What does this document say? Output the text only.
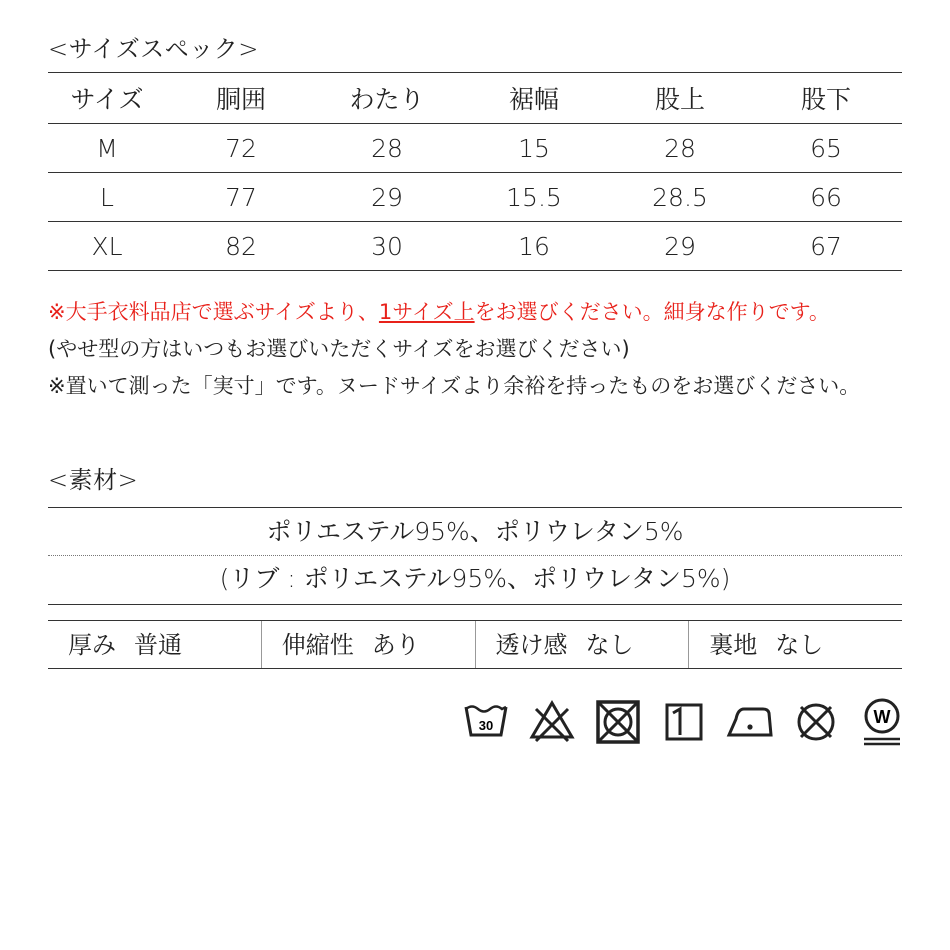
<サイズスペック>
サイズ	胴囲	わたり	裾幅	股上	股下
M	72	28	15	28	65
L	77	29	15.5	28.5	66
XL	82	30	16	29	67
※大手衣料品店で選ぶサイズより、1サイズ上をお選びください。細身な作りです。
(やせ型の方はいつもお選びいただくサイズをお選びください)
※置いて測った「実寸」です。ヌードサイズより余裕を持ったものをお選びください。
<素材>
ポリエステル95%、ポリウレタン5%
(リブ : ポリエステル95%、ポリウレタン5%)
厚み 普通	伸縮性 あり	透け感 なし	裏地 なし
30	W
